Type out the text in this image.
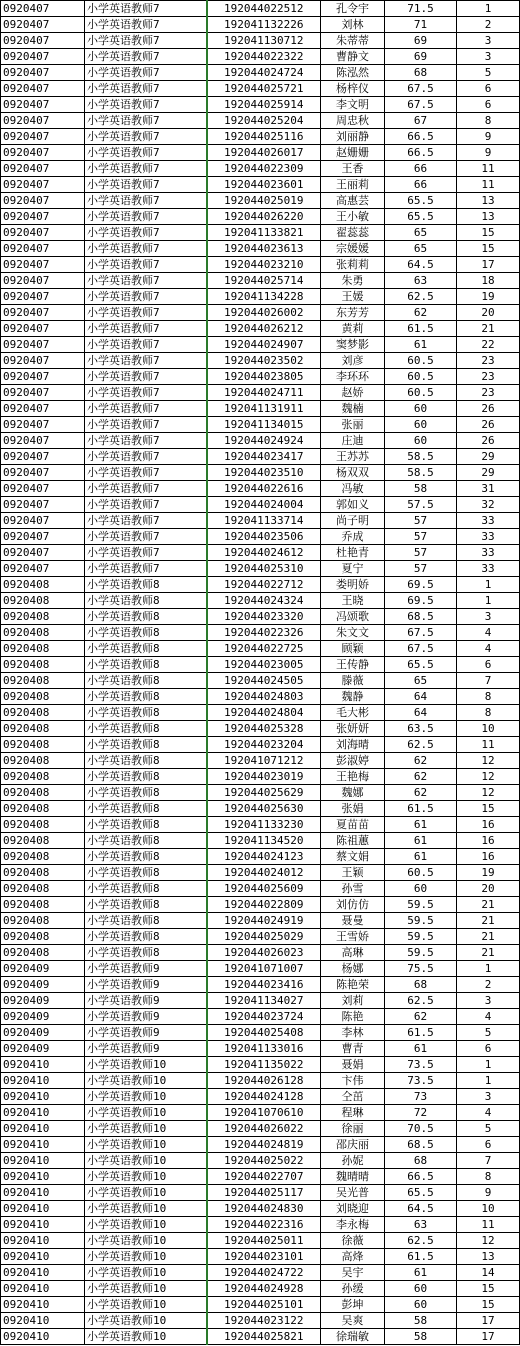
0920407	小学英语教师7	192044022512	孔令宇	71.5	1
0920407	小学英语教师7	192041132226	刘林	71	2
0920407	小学英语教师7	192041130712	朱蒂蒂	69	3
0920407	小学英语教师7	192044022322	曹静文	69	3
0920407	小学英语教师7	192044024724	陈泓然	68	5
0920407	小学英语教师7	192044025721	杨梓仪	67.5	6
0920407	小学英语教师7	192044025914	李文明	67.5	6
0920407	小学英语教师7	192044025204	周忠秋	67	8
0920407	小学英语教师7	192044025116	刘丽静	66.5	9
0920407	小学英语教师7	192044026017	赵姗姗	66.5	9
0920407	小学英语教师7	192044022309	王香	66	11
0920407	小学英语教师7	192044023601	王丽莉	66	11
0920407	小学英语教师7	192044025019	高惠芸	65.5	13
0920407	小学英语教师7	192044026220	王小敏	65.5	13
0920407	小学英语教师7	192041133821	翟蕊蕊	65	15
0920407	小学英语教师7	192044023613	宗媛媛	65	15
0920407	小学英语教师7	192044023210	张莉莉	64.5	17
0920407	小学英语教师7	192044025714	朱勇	63	18
0920407	小学英语教师7	192041134228	王媛	62.5	19
0920407	小学英语教师7	192044026002	东芳芳	62	20
0920407	小学英语教师7	192044026212	黄莉	61.5	21
0920407	小学英语教师7	192044024907	窦梦影	61	22
0920407	小学英语教师7	192044023502	刘彦	60.5	23
0920407	小学英语教师7	192044023805	李环环	60.5	23
0920407	小学英语教师7	192044024711	赵娇	60.5	23
0920407	小学英语教师7	192041131911	魏楠	60	26
0920407	小学英语教师7	192041134015	张丽	60	26
0920407	小学英语教师7	192044024924	庄迪	60	26
0920407	小学英语教师7	192044023417	王苏苏	58.5	29
0920407	小学英语教师7	192044023510	杨双双	58.5	29
0920407	小学英语教师7	192044022616	冯敏	58	31
0920407	小学英语教师7	192044024004	郭如义	57.5	32
0920407	小学英语教师7	192041133714	尚子明	57	33
0920407	小学英语教师7	192044023506	乔成	57	33
0920407	小学英语教师7	192044024612	杜艳青	57	33
0920407	小学英语教师7	192044025310	夏宁	57	33
0920408	小学英语教师8	192044022712	娄明娇	69.5	1
0920408	小学英语教师8	192044024324	王晓	69.5	1
0920408	小学英语教师8	192044023320	冯颂歌	68.5	3
0920408	小学英语教师8	192044022326	朱文文	67.5	4
0920408	小学英语教师8	192044022725	顾颖	67.5	4
0920408	小学英语教师8	192044023005	王传静	65.5	6
0920408	小学英语教师8	192044024505	滕薇	65	7
0920408	小学英语教师8	192044024803	魏静	64	8
0920408	小学英语教师8	192044024804	毛大彬	64	8
0920408	小学英语教师8	192044025328	张妍妍	63.5	10
0920408	小学英语教师8	192044023204	刘海晴	62.5	11
0920408	小学英语教师8	192041071212	彭淑婷	62	12
0920408	小学英语教师8	192044023019	王艳梅	62	12
0920408	小学英语教师8	192044025629	魏娜	62	12
0920408	小学英语教师8	192044025630	张娟	61.5	15
0920408	小学英语教师8	192041133230	夏苗苗	61	16
0920408	小学英语教师8	192041134520	陈祖蕙	61	16
0920408	小学英语教师8	192044024123	蔡文娟	61	16
0920408	小学英语教师8	192044024012	王颖	60.5	19
0920408	小学英语教师8	192044025609	孙雪	60	20
0920408	小学英语教师8	192044022809	刘仿仿	59.5	21
0920408	小学英语教师8	192044024919	聂曼	59.5	21
0920408	小学英语教师8	192044025029	王雪娇	59.5	21
0920408	小学英语教师8	192044026023	高琳	59.5	21
0920409	小学英语教师9	192041071007	杨娜	75.5	1
0920409	小学英语教师9	192044023416	陈艳荣	68	2
0920409	小学英语教师9	192041134027	刘莉	62.5	3
0920409	小学英语教师9	192044023724	陈艳	62	4
0920409	小学英语教师9	192044025408	李林	61.5	5
0920409	小学英语教师9	192041133016	曹青	61	6
0920410	小学英语教师10	192041135022	聂娟	73.5	1
0920410	小学英语教师10	192044026128	卞伟	73.5	1
0920410	小学英语教师10	192044024128	仝茁	73	3
0920410	小学英语教师10	192041070610	程琳	72	4
0920410	小学英语教师10	192044026022	徐丽	70.5	5
0920410	小学英语教师10	192044024819	邵庆丽	68.5	6
0920410	小学英语教师10	192044025022	孙妮	68	7
0920410	小学英语教师10	192044022707	魏晴晴	66.5	8
0920410	小学英语教师10	192044025117	吴光普	65.5	9
0920410	小学英语教师10	192044024830	刘晓迎	64.5	10
0920410	小学英语教师10	192044022316	李永梅	63	11
0920410	小学英语教师10	192044025011	徐薇	62.5	12
0920410	小学英语教师10	192044023101	高烽	61.5	13
0920410	小学英语教师10	192044024722	吴宇	61	14
0920410	小学英语教师10	192044024928	孙缓	60	15
0920410	小学英语教师10	192044025101	彭坤	60	15
0920410	小学英语教师10	192044023122	吴爽	58	17
0920410	小学英语教师10	192044025821	徐瑞敏	58	17
